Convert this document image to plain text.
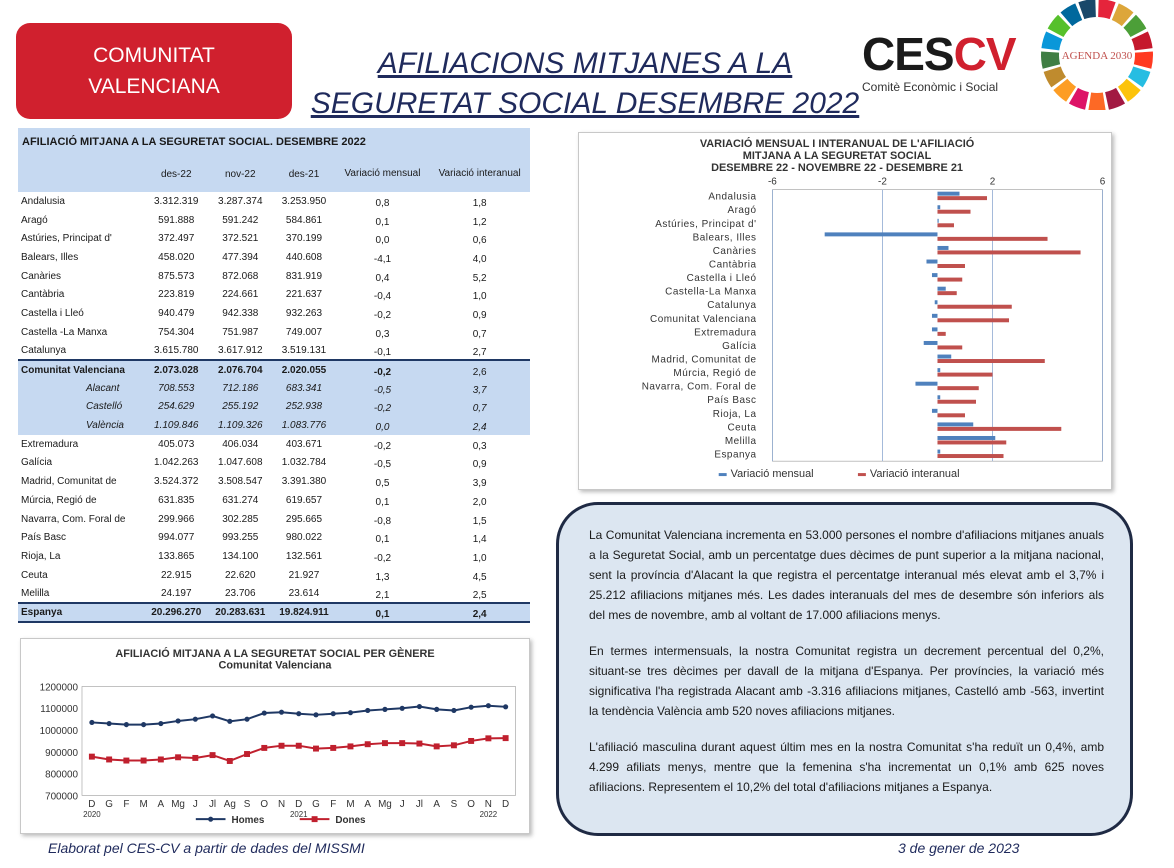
COMUNITAT
VALENCIANA
AFILIACIONS MITJANES A LA
SEGURETAT SOCIAL DESEMBRE 2022
CESCV
Comitè Econòmic i Social
AGENDA 2030
AFILIACIÓ MITJANA A LA SEGURETAT SOCIAL. DESEMBRE 2022					
	des-22	nov-22	des-21	Variació mensual	Variació interanual
Andalusia	3.312.319	3.287.374	3.253.950	0,8	1,8
Aragó	591.888	591.242	584.861	0,1	1,2
Astúries, Principat d'	372.497	372.521	370.199	0,0	0,6
Balears, Illes	458.020	477.394	440.608	-4,1	4,0
Canàries	875.573	872.068	831.919	0,4	5,2
Cantàbria	223.819	224.661	221.637	-0,4	1,0
Castella i Lleó	940.479	942.338	932.263	-0,2	0,9
Castella -La Manxa	754.304	751.987	749.007	0,3	0,7
Catalunya	3.615.780	3.617.912	3.519.131	-0,1	2,7
Comunitat Valenciana	2.073.028	2.076.704	2.020.055	-0,2	2,6
Alacant	708.553	712.186	683.341	-0,5	3,7
Castelló	254.629	255.192	252.938	-0,2	0,7
València	1.109.846	1.109.326	1.083.776	0,0	2,4
Extremadura	405.073	406.034	403.671	-0,2	0,3
Galícia	1.042.263	1.047.608	1.032.784	-0,5	0,9
Madrid, Comunitat de	3.524.372	3.508.547	3.391.380	0,5	3,9
Múrcia, Regió de	631.835	631.274	619.657	0,1	2,0
Navarra, Com. Foral de	299.966	302.285	295.665	-0,8	1,5
País Basc	994.077	993.255	980.022	0,1	1,4
Rioja, La	133.865	134.100	132.561	-0,2	1,0
Ceuta	22.915	22.620	21.927	1,3	4,5
Melilla	24.197	23.706	23.614	2,1	2,5
Espanya	20.296.270	20.283.631	19.824.911	0,1	2,4
VARIACIÓ MENSUAL I INTERANUAL DE L'AFILIACIÓ
MITJANA A LA SEGURETAT SOCIAL
DESEMBRE 22 - NOVEMBRE 22 - DESEMBRE 21
-6	-2	2	6
Andalusia
Aragó
Astúries, Principat d'
Balears, Illes
Canàries
Cantàbria
Castella i Lleó
Castella-La Manxa
Catalunya
Comunitat Valenciana
Extremadura
Galícia
Madrid, Comunitat de
Múrcia, Regió de
Navarra, Com. Foral de
País Basc
Rioja, La
Ceuta
Melilla
Espanya
Variació mensual	Variació interanual
AFILIACIÓ MITJANA A LA SEGURETAT SOCIAL PER GÈNERE
Comunitat Valenciana
1200000
1100000
1000000
900000
800000
700000
D G F M A Mg J Jl Ag S O N D G F M A Mg J Jl A S O N D
2020	2021	2022
Homes	Dones

La Comunitat Valenciana incrementa en 53.000 persones el nombre d'afiliacions mitjanes anuals a la Seguretat Social, amb un percentatge dues dècimes de punt superior a la mitjana nacional, sent la província d'Alacant la que registra el percentatge interanual més elevat amb el 3,7% i 25.212 afiliacions mitjanes més. Les dades interanuals del mes de desembre són inferiors als del mes de novembre, amb al voltant de 17.000 afiliacions menys.

En termes intermensuals, la nostra Comunitat registra un decrement percentual del 0,2%, situant-se tres dècimes per davall de la mitjana d'Espanya. Per províncies, la variació més significativa l'ha registrada Alacant amb -3.316 afiliacions mitjanes, Castelló amb -563, invertint la tendència València amb 520 noves afiliacions mitjanes.

L'afiliació masculina durant aquest últim mes en la nostra Comunitat s'ha reduït un 0,4%, amb 4.299 afiliats menys, mentre que la femenina s'ha incrementat un 0,1% amb 625 noves afiliacions. Representem el 10,2% del total d'afiliacions mitjanes a Espanya.

Elaborat pel CES-CV a partir de dades del MISSMI	3 de gener de 2023
